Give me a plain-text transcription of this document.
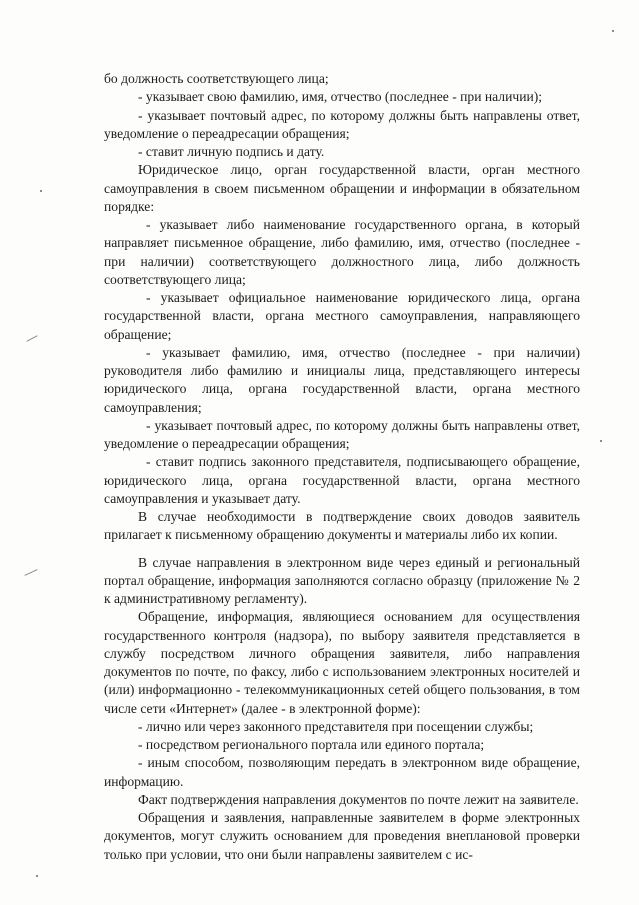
бо должность соответствующего лица;

- указывает свою фамилию, имя, отчество (последнее - при наличии);

- указывает почтовый адрес, по которому должны быть направлены ответ, уведомление о переадресации обращения;

- ставит личную подпись и дату.

Юридическое лицо, орган государственной власти, орган местного самоуправления в своем письменном обращении и информации в обязательном порядке:

- указывает либо наименование государственного органа, в который направляет письменное обращение, либо фамилию, имя, отчество (последнее - при наличии) соответствующего должностного лица, либо должность соответствующего лица;

- указывает официальное наименование юридического лица, органа государственной власти, органа местного самоуправления, направляющего обращение;

- указывает фамилию, имя, отчество (последнее - при наличии) руководителя либо фамилию и инициалы лица, представляющего интересы юридического лица, органа государственной власти, органа местного самоуправления;

- указывает почтовый адрес, по которому должны быть направлены ответ, уведомление о переадресации обращения;

- ставит подпись законного представителя, подписывающего обращение, юридического лица, органа государственной власти, органа местного самоуправления и указывает дату.

В случае необходимости в подтверждение своих доводов заявитель прилагает к письменному обращению документы и материалы либо их копии.

В случае направления в электронном виде через единый и региональный портал обращение, информация заполняются согласно образцу (приложение № 2 к административному регламенту).

Обращение, информация, являющиеся основанием для осуществления государственного контроля (надзора), по выбору заявителя представляется в службу посредством личного обращения заявителя, либо направления документов по почте, по факсу, либо с использованием электронных носителей и (или) информационно - телекоммуникационных сетей общего пользования, в том числе сети «Интернет» (далее - в электронной форме):

- лично или через законного представителя при посещении службы;

- посредством регионального портала или единого портала;

- иным способом, позволяющим передать в электронном виде обращение, информацию.

Факт подтверждения направления документов по почте лежит на заявителе.

Обращения и заявления, направленные заявителем в форме электронных документов, могут служить основанием для проведения внеплановой проверки только при условии, что они были направлены заявителем с ис-
